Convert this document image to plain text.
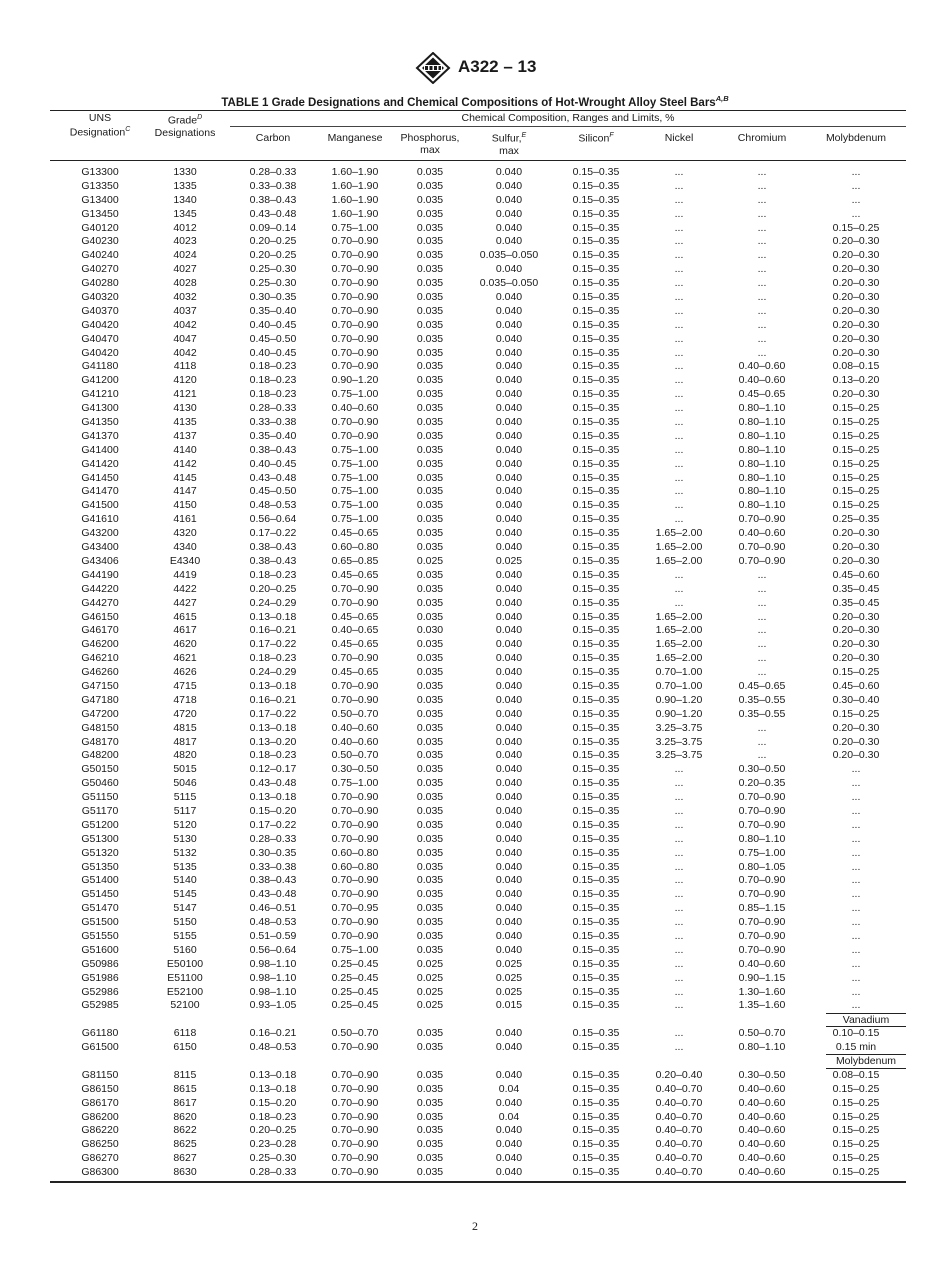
A322 – 13
TABLE 1 Grade Designations and Chemical Compositions of Hot-Wrought Alloy Steel Bars$^{A,B}$
UNS
Designation$^C$
Grade$^D$
Designations
Chemical Composition, Ranges and Limits, %
Carbon	Manganese	Phosphorus,
max
Sulfur,$^E$
max
Silicon$^F$	Nickel	Chromium	Molybdenum
G13300	1330	0.28–0.33	1.60–1.90	0.035	0.040	0.15–0.35	...	...	...
G13350	1335	0.33–0.38	1.60–1.90	0.035	0.040	0.15–0.35	...	...	...
G13400	1340	0.38–0.43	1.60–1.90	0.035	0.040	0.15–0.35	...	...	...
G13450	1345	0.43–0.48	1.60–1.90	0.035	0.040	0.15–0.35	...	...	...
G40120	4012	0.09–0.14	0.75–1.00	0.035	0.040	0.15–0.35	...	...	0.15–0.25
G40230	4023	0.20–0.25	0.70–0.90	0.035	0.040	0.15–0.35	...	...	0.20–0.30
G40240	4024	0.20–0.25	0.70–0.90	0.035	0.035–0.050	0.15–0.35	...	...	0.20–0.30
G40270	4027	0.25–0.30	0.70–0.90	0.035	0.040	0.15–0.35	...	...	0.20–0.30
G40280	4028	0.25–0.30	0.70–0.90	0.035	0.035–0.050	0.15–0.35	...	...	0.20–0.30
G40320	4032	0.30–0.35	0.70–0.90	0.035	0.040	0.15–0.35	...	...	0.20–0.30
G40370	4037	0.35–0.40	0.70–0.90	0.035	0.040	0.15–0.35	...	...	0.20–0.30
G40420	4042	0.40–0.45	0.70–0.90	0.035	0.040	0.15–0.35	...	...	0.20–0.30
G40470	4047	0.45–0.50	0.70–0.90	0.035	0.040	0.15–0.35	...	...	0.20–0.30
G40420	4042	0.40–0.45	0.70–0.90	0.035	0.040	0.15–0.35	...	...	0.20–0.30
G41180	4118	0.18–0.23	0.70–0.90	0.035	0.040	0.15–0.35	...	0.40–0.60	0.08–0.15
G41200	4120	0.18–0.23	0.90–1.20	0.035	0.040	0.15–0.35	...	0.40–0.60	0.13–0.20
G41210	4121	0.18–0.23	0.75–1.00	0.035	0.040	0.15–0.35	...	0.45–0.65	0.20–0.30
G41300	4130	0.28–0.33	0.40–0.60	0.035	0.040	0.15–0.35	...	0.80–1.10	0.15–0.25
G41350	4135	0.33–0.38	0.70–0.90	0.035	0.040	0.15–0.35	...	0.80–1.10	0.15–0.25
G41370	4137	0.35–0.40	0.70–0.90	0.035	0.040	0.15–0.35	...	0.80–1.10	0.15–0.25
G41400	4140	0.38–0.43	0.75–1.00	0.035	0.040	0.15–0.35	...	0.80–1.10	0.15–0.25
G41420	4142	0.40–0.45	0.75–1.00	0.035	0.040	0.15–0.35	...	0.80–1.10	0.15–0.25
G41450	4145	0.43–0.48	0.75–1.00	0.035	0.040	0.15–0.35	...	0.80–1.10	0.15–0.25
G41470	4147	0.45–0.50	0.75–1.00	0.035	0.040	0.15–0.35	...	0.80–1.10	0.15–0.25
G41500	4150	0.48–0.53	0.75–1.00	0.035	0.040	0.15–0.35	...	0.80–1.10	0.15–0.25
G41610	4161	0.56–0.64	0.75–1.00	0.035	0.040	0.15–0.35	...	0.70–0.90	0.25–0.35
G43200	4320	0.17–0.22	0.45–0.65	0.035	0.040	0.15–0.35	1.65–2.00	0.40–0.60	0.20–0.30
G43400	4340	0.38–0.43	0.60–0.80	0.035	0.040	0.15–0.35	1.65–2.00	0.70–0.90	0.20–0.30
G43406	E4340	0.38–0.43	0.65–0.85	0.025	0.025	0.15–0.35	1.65–2.00	0.70–0.90	0.20–0.30
G44190	4419	0.18–0.23	0.45–0.65	0.035	0.040	0.15–0.35	...	...	0.45–0.60
G44220	4422	0.20–0.25	0.70–0.90	0.035	0.040	0.15–0.35	...	...	0.35–0.45
G44270	4427	0.24–0.29	0.70–0.90	0.035	0.040	0.15–0.35	...	...	0.35–0.45
G46150	4615	0.13–0.18	0.45–0.65	0.035	0.040	0.15–0.35	1.65–2.00	...	0.20–0.30
G46170	4617	0.16–0.21	0.40–0.65	0.030	0.040	0.15–0.35	1.65–2.00	...	0.20–0.30
G46200	4620	0.17–0.22	0.45–0.65	0.035	0.040	0.15–0.35	1.65–2.00	...	0.20–0.30
G46210	4621	0.18–0.23	0.70–0.90	0.035	0.040	0.15–0.35	1.65–2.00	...	0.20–0.30
G46260	4626	0.24–0.29	0.45–0.65	0.035	0.040	0.15–0.35	0.70–1.00	...	0.15–0.25
G47150	4715	0.13–0.18	0.70–0.90	0.035	0.040	0.15–0.35	0.70–1.00	0.45–0.65	0.45–0.60
G47180	4718	0.16–0.21	0.70–0.90	0.035	0.040	0.15–0.35	0.90–1.20	0.35–0.55	0.30–0.40
G47200	4720	0.17–0.22	0.50–0.70	0.035	0.040	0.15–0.35	0.90–1.20	0.35–0.55	0.15–0.25
G48150	4815	0.13–0.18	0.40–0.60	0.035	0.040	0.15–0.35	3.25–3.75	...	0.20–0.30
G48170	4817	0.13–0.20	0.40–0.60	0.035	0.040	0.15–0.35	3.25–3.75	...	0.20–0.30
G48200	4820	0.18–0.23	0.50–0.70	0.035	0.040	0.15–0.35	3.25–3.75	...	0.20–0.30
G50150	5015	0.12–0.17	0.30–0.50	0.035	0.040	0.15–0.35	...	0.30–0.50	...
G50460	5046	0.43–0.48	0.75–1.00	0.035	0.040	0.15–0.35	...	0.20–0.35	...
G51150	5115	0.13–0.18	0.70–0.90	0.035	0.040	0.15–0.35	...	0.70–0.90	...
G51170	5117	0.15–0.20	0.70–0.90	0.035	0.040	0.15–0.35	...	0.70–0.90	...
G51200	5120	0.17–0.22	0.70–0.90	0.035	0.040	0.15–0.35	...	0.70–0.90	...
G51300	5130	0.28–0.33	0.70–0.90	0.035	0.040	0.15–0.35	...	0.80–1.10	...
G51320	5132	0.30–0.35	0.60–0.80	0.035	0.040	0.15–0.35	...	0.75–1.00	...
G51350	5135	0.33–0.38	0.60–0.80	0.035	0.040	0.15–0.35	...	0.80–1.05	...
G51400	5140	0.38–0.43	0.70–0.90	0.035	0.040	0.15–0.35	...	0.70–0.90	...
G51450	5145	0.43–0.48	0.70–0.90	0.035	0.040	0.15–0.35	...	0.70–0.90	...
G51470	5147	0.46–0.51	0.70–0.95	0.035	0.040	0.15–0.35	...	0.85–1.15	...
G51500	5150	0.48–0.53	0.70–0.90	0.035	0.040	0.15–0.35	...	0.70–0.90	...
G51550	5155	0.51–0.59	0.70–0.90	0.035	0.040	0.15–0.35	...	0.70–0.90	...
G51600	5160	0.56–0.64	0.75–1.00	0.035	0.040	0.15–0.35	...	0.70–0.90	...
G50986	E50100	0.98–1.10	0.25–0.45	0.025	0.025	0.15–0.35	...	0.40–0.60	...
G51986	E51100	0.98–1.10	0.25–0.45	0.025	0.025	0.15–0.35	...	0.90–1.15	...
G52986	E52100	0.98–1.10	0.25–0.45	0.025	0.025	0.15–0.35	...	1.30–1.60	...
G52985	52100	0.93–1.05	0.25–0.45	0.025	0.015	0.15–0.35	...	1.35–1.60	...
Vanadium
G61180	6118	0.16–0.21	0.50–0.70	0.035	0.040	0.15–0.35	...	0.50–0.70	0.10–0.15
G61500	6150	0.48–0.53	0.70–0.90	0.035	0.040	0.15–0.35	...	0.80–1.10	0.15 min
Molybdenum
G81150	8115	0.13–0.18	0.70–0.90	0.035	0.040	0.15–0.35	0.20–0.40	0.30–0.50	0.08–0.15
G86150	8615	0.13–0.18	0.70–0.90	0.035	0.04	0.15–0.35	0.40–0.70	0.40–0.60	0.15–0.25
G86170	8617	0.15–0.20	0.70–0.90	0.035	0.040	0.15–0.35	0.40–0.70	0.40–0.60	0.15–0.25
G86200	8620	0.18–0.23	0.70–0.90	0.035	0.04	0.15–0.35	0.40–0.70	0.40–0.60	0.15–0.25
G86220	8622	0.20–0.25	0.70–0.90	0.035	0.040	0.15–0.35	0.40–0.70	0.40–0.60	0.15–0.25
G86250	8625	0.23–0.28	0.70–0.90	0.035	0.040	0.15–0.35	0.40–0.70	0.40–0.60	0.15–0.25
G86270	8627	0.25–0.30	0.70–0.90	0.035	0.040	0.15–0.35	0.40–0.70	0.40–0.60	0.15–0.25
G86300	8630	0.28–0.33	0.70–0.90	0.035	0.040	0.15–0.35	0.40–0.70	0.40–0.60	0.15–0.25
2
